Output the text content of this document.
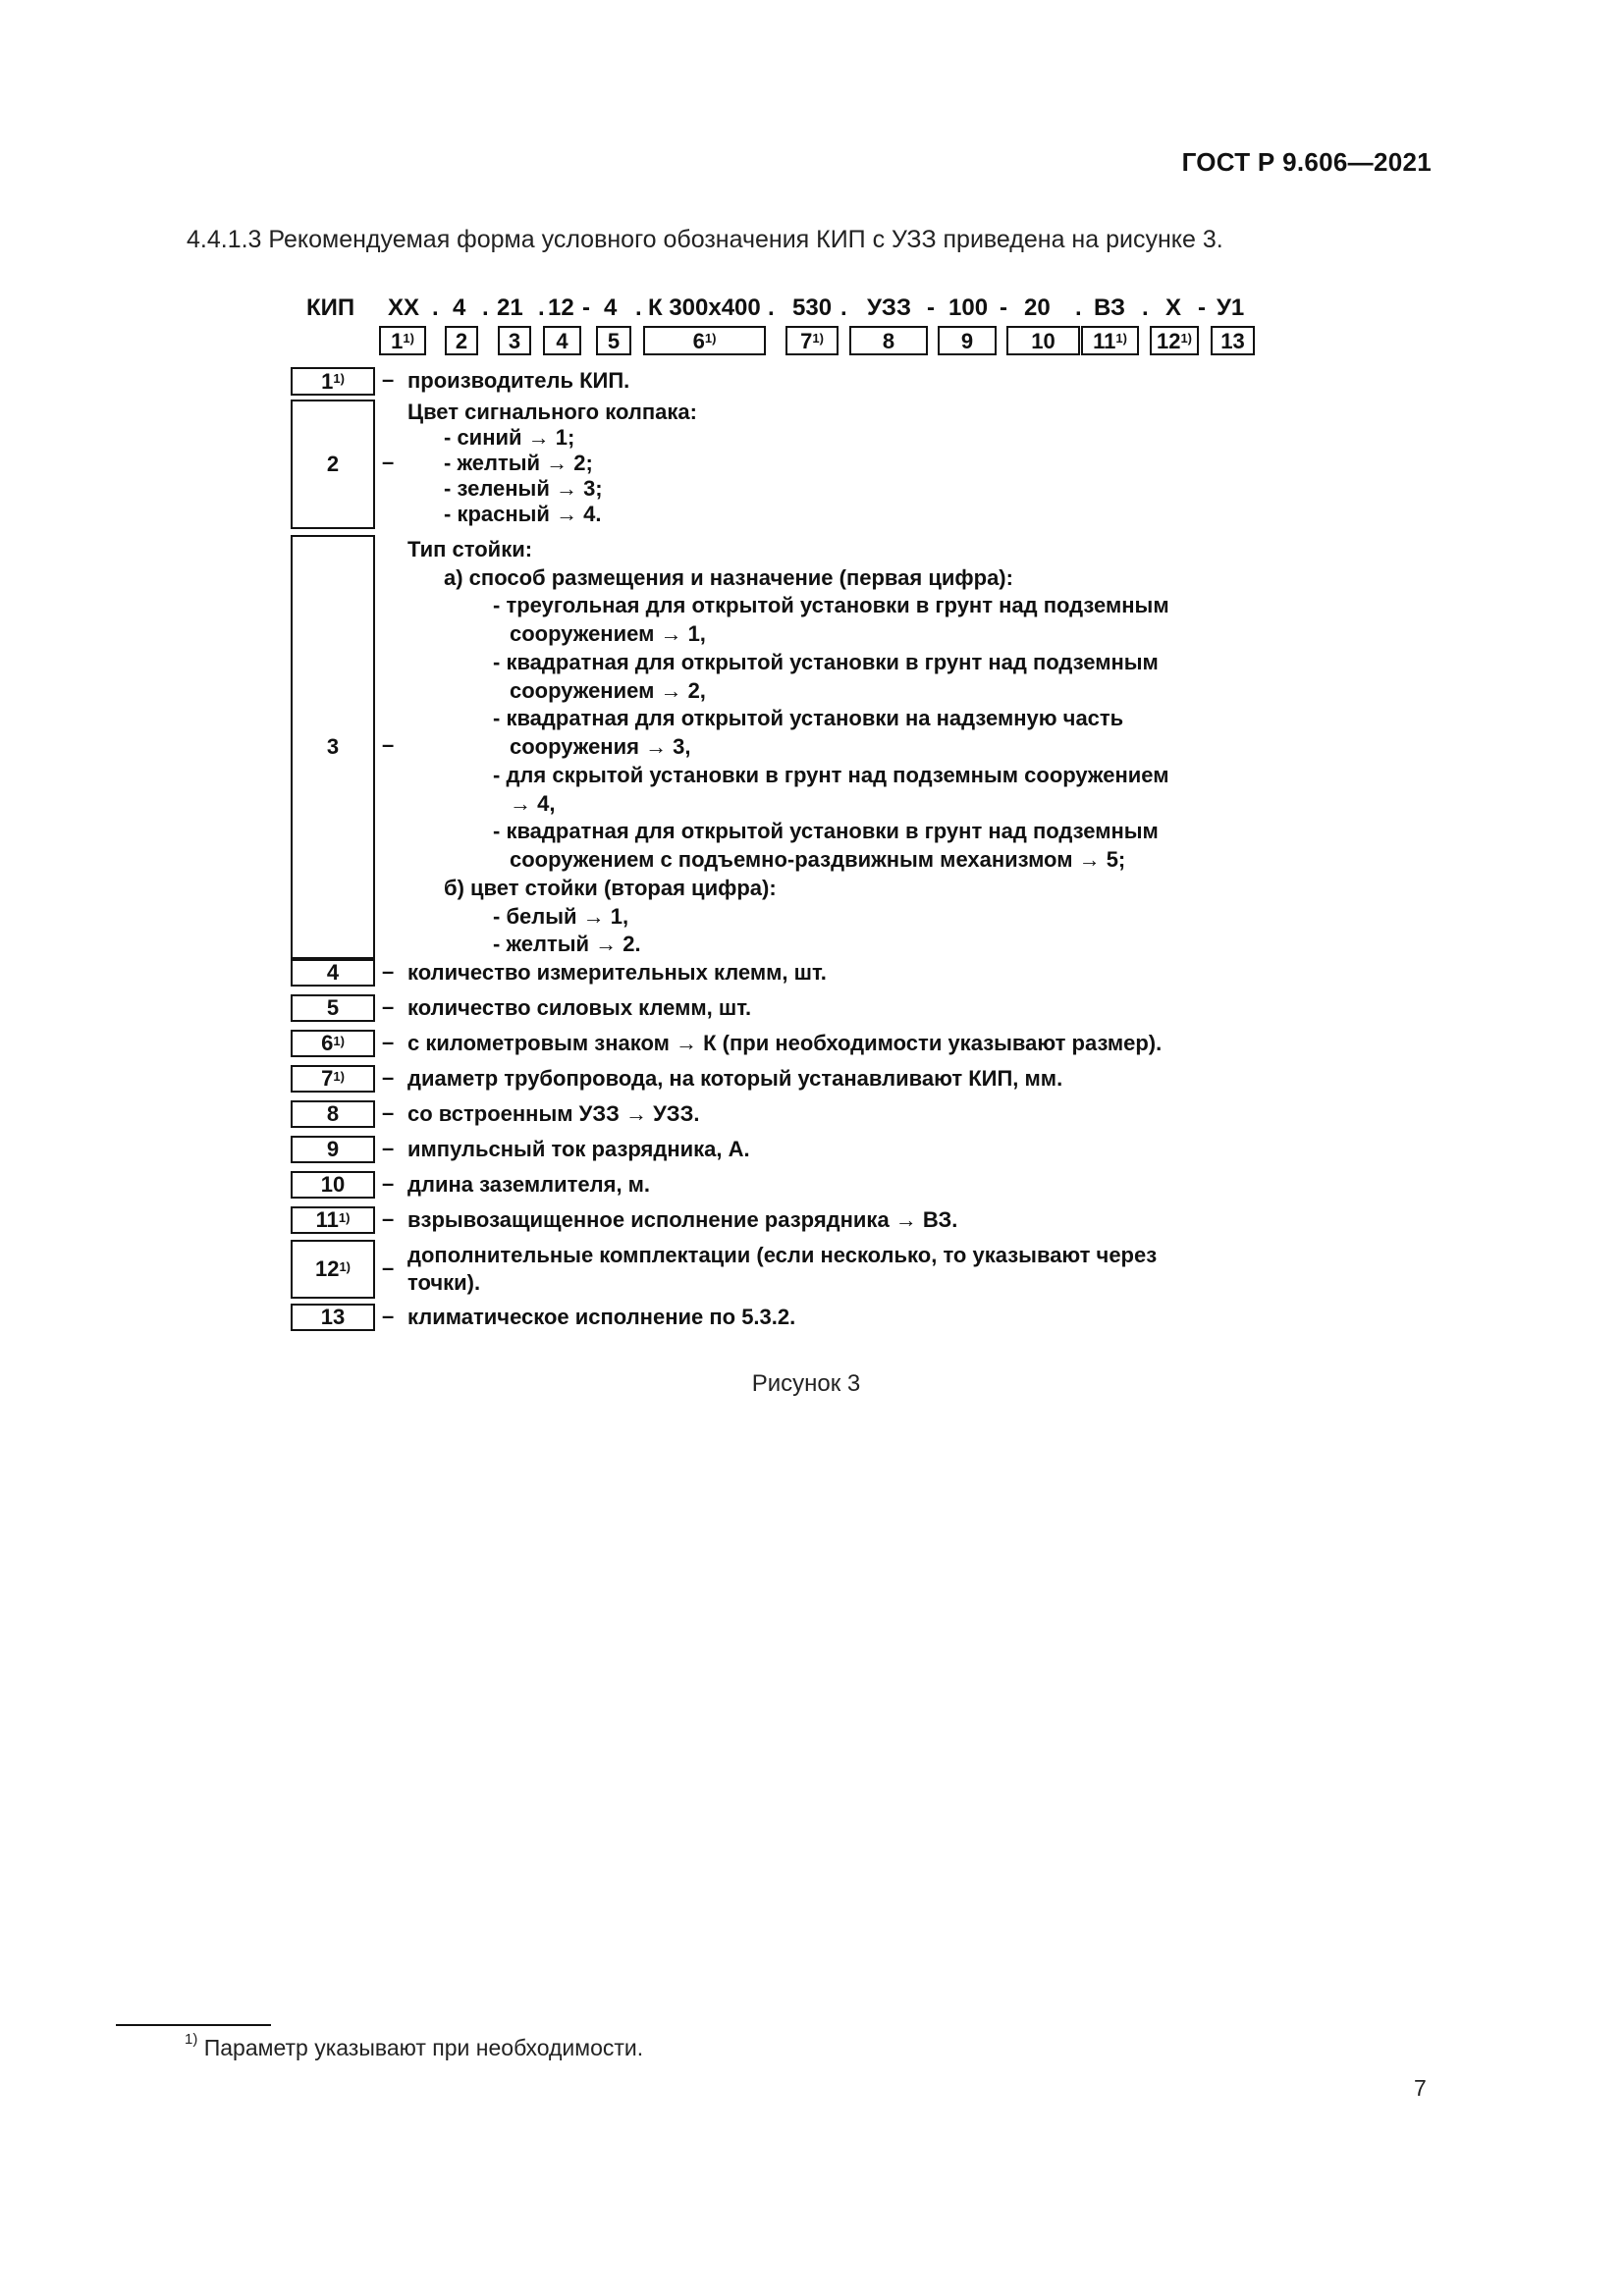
ГОСТ Р 9.606—2021
4.4.1.3 Рекомендуемая форма условного обозначения КИП с УЗЗ приведена на рисунке 3.
КИП XX . 4 . 21 . 12 - 4 . К 300x400 . 530 . УЗЗ - 100 - 20 . ВЗ . Х - У1
1$^{1)}$	2	3	4	5	6$^{1)}$	7$^{1)}$	8	9	10	11$^{1)}$	12$^{1)}$	13
1$^{1)}$ – производитель КИП.
2 –
Цвет сигнального колпака:
- синий → 1;
- желтый → 2;
- зеленый → 3;
- красный → 4.
3 –
Тип стойки:
а) способ размещения и назначение (первая цифра):
- треугольная для открытой установки в грунт над подземным
сооружением → 1,
- квадратная для открытой установки в грунт над подземным
сооружением → 2,
- квадратная для открытой установки на надземную часть
сооружения → 3,
- для скрытой установки в грунт над подземным сооружением
→ 4,
- квадратная для открытой установки в грунт над подземным
сооружением с подъемно-раздвижным механизмом → 5;
б) цвет стойки (вторая цифра):
- белый → 1,
- желтый → 2.
4 – количество измерительных клемм, шт.
5 – количество силовых клемм, шт.
6$^{1)}$ – с километровым знаком → К (при необходимости указывают размер).
7$^{1)}$ – диаметр трубопровода, на который устанавливают КИП, мм.
8 – со встроенным УЗЗ → УЗЗ.
9 – импульсный ток разрядника, А.
10 – длина заземлителя, м.
11$^{1)}$ – взрывозащищенное исполнение разрядника → ВЗ.
12$^{1)}$ –
дополнительные комплектации (если несколько, то указывают через
точки).
13 – климатическое исполнение по 5.3.2.
Рисунок 3
$^{1)}$ Параметр указывают при необходимости.
7
